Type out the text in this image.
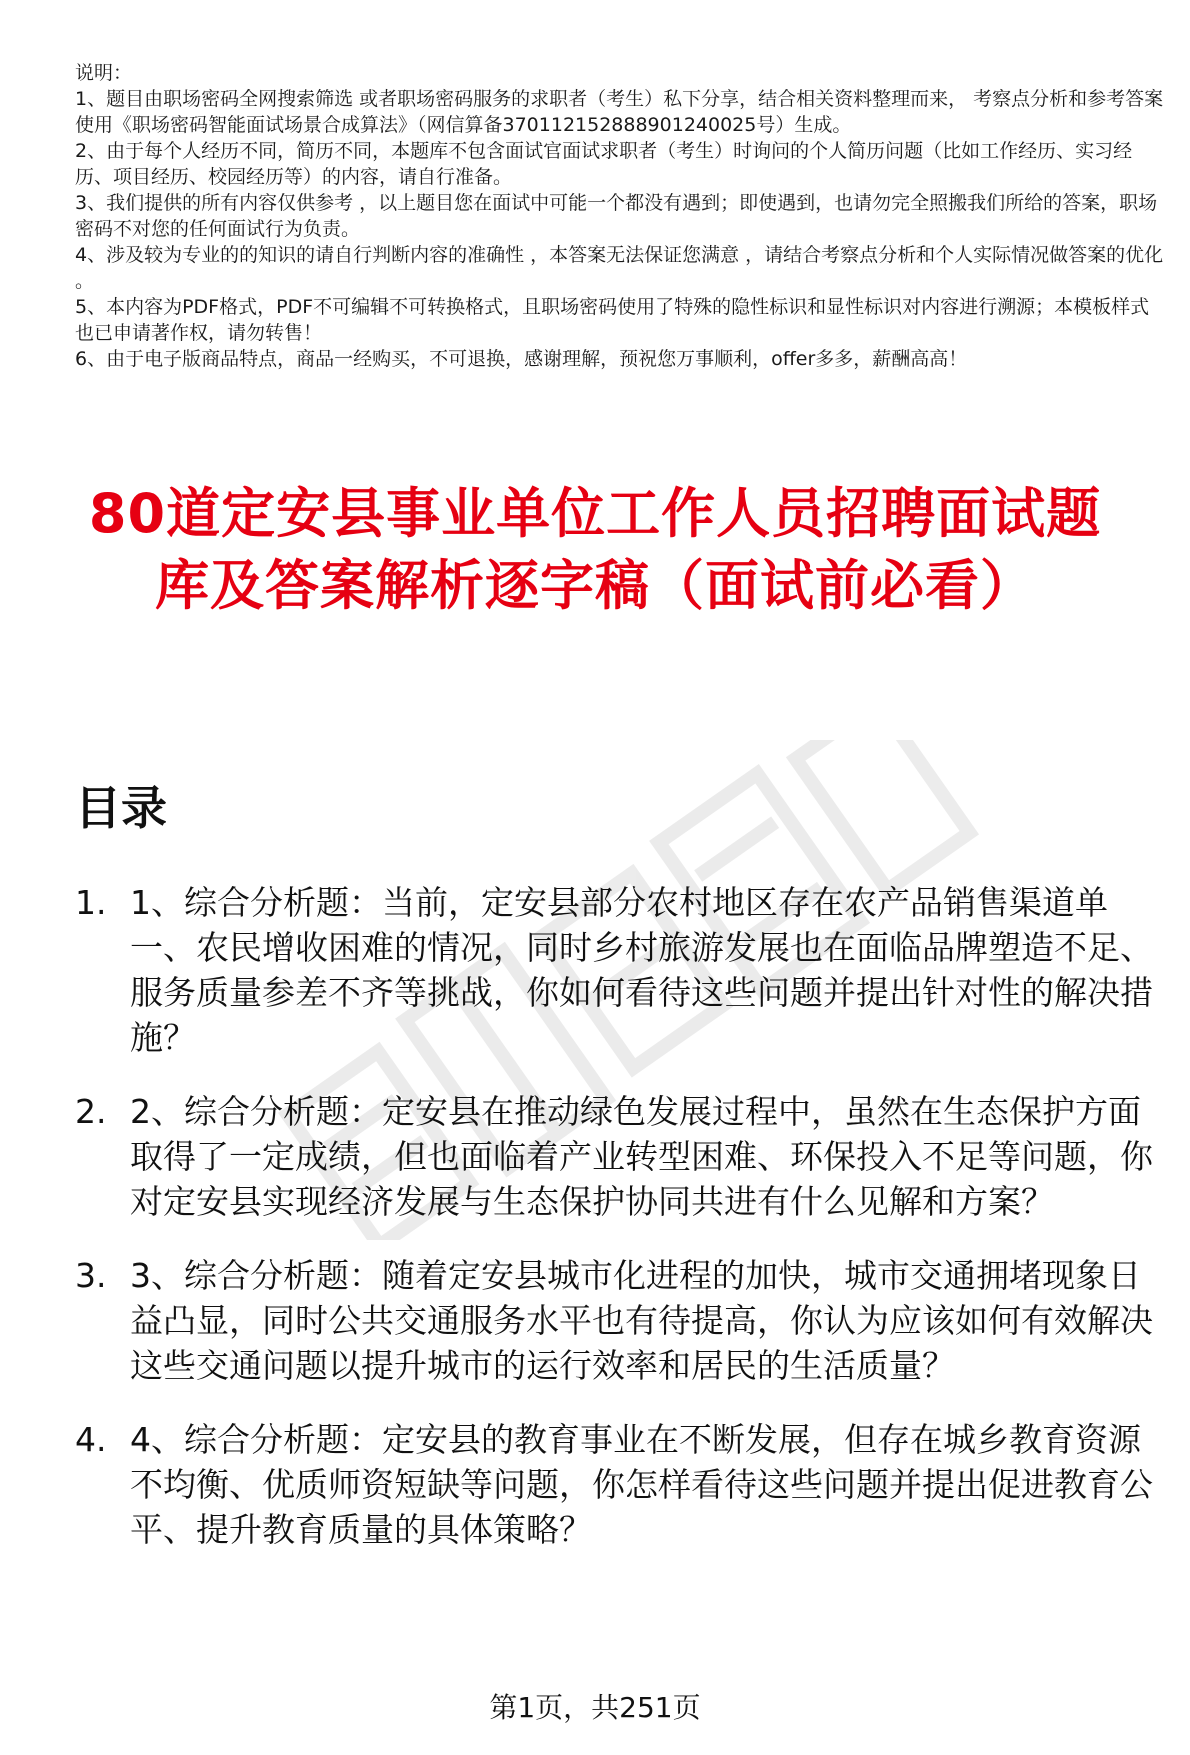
说明：
1、题目由职场密码全网搜索筛选 或者职场密码服务的求职者（考生）私下分享，结合相关资料整理而来， 考察点分析和参考答案使用《职场密码智能面试场景合成算法》（网信算备370112152888901240025号）生成。
2、由于每个人经历不同，简历不同，本题库不包含面试官面试求职者（考生）时询问的个人简历问题（比如工作经历、实习经历、项目经历、校园经历等）的内容，请自行准备。
3、我们提供的所有内容仅供参考 ，以上题目您在面试中可能一个都没有遇到；即使遇到，也请勿完全照搬我们所给的答案，职场密码不对您的任何面试行为负责。
4、涉及较为专业的的知识的请自行判断内容的准确性 ，本答案无法保证您满意 ，请结合考察点分析和个人实际情况做答案的优化 。
5、本内容为PDF格式，PDF不可编辑不可转换格式，且职场密码使用了特殊的隐性标识和显性标识对内容进行溯源；本模板样式也已申请著作权，请勿转售！
6、由于电子版商品特点，商品一经购买，不可退换，感谢理解，预祝您万事顺利，offer多多，薪酬高高！
80道定安县事业单位工作人员招聘面试题库及答案解析逐字稿（面试前必看）
目录
1. 1、综合分析题：当前，定安县部分农村地区存在农产品销售渠道单一、农民增收困难的情况，同时乡村旅游发展也在面临品牌塑造不足、服务质量参差不齐等挑战，你如何看待这些问题并提出针对性的解决措施？
2. 2、综合分析题：定安县在推动绿色发展过程中，虽然在生态保护方面取得了一定成绩，但也面临着产业转型困难、环保投入不足等问题，你对定安县实现经济发展与生态保护协同共进有什么见解和方案？
3. 3、综合分析题：随着定安县城市化进程的加快，城市交通拥堵现象日益凸显，同时公共交通服务水平也有待提高，你认为应该如何有效解决这些交通问题以提升城市的运行效率和居民的生活质量？
4. 4、综合分析题：定安县的教育事业在不断发展，但存在城乡教育资源不均衡、优质师资短缺等问题，你怎样看待这些问题并提出促进教育公平、提升教育质量的具体策略？
第1页，共251页
